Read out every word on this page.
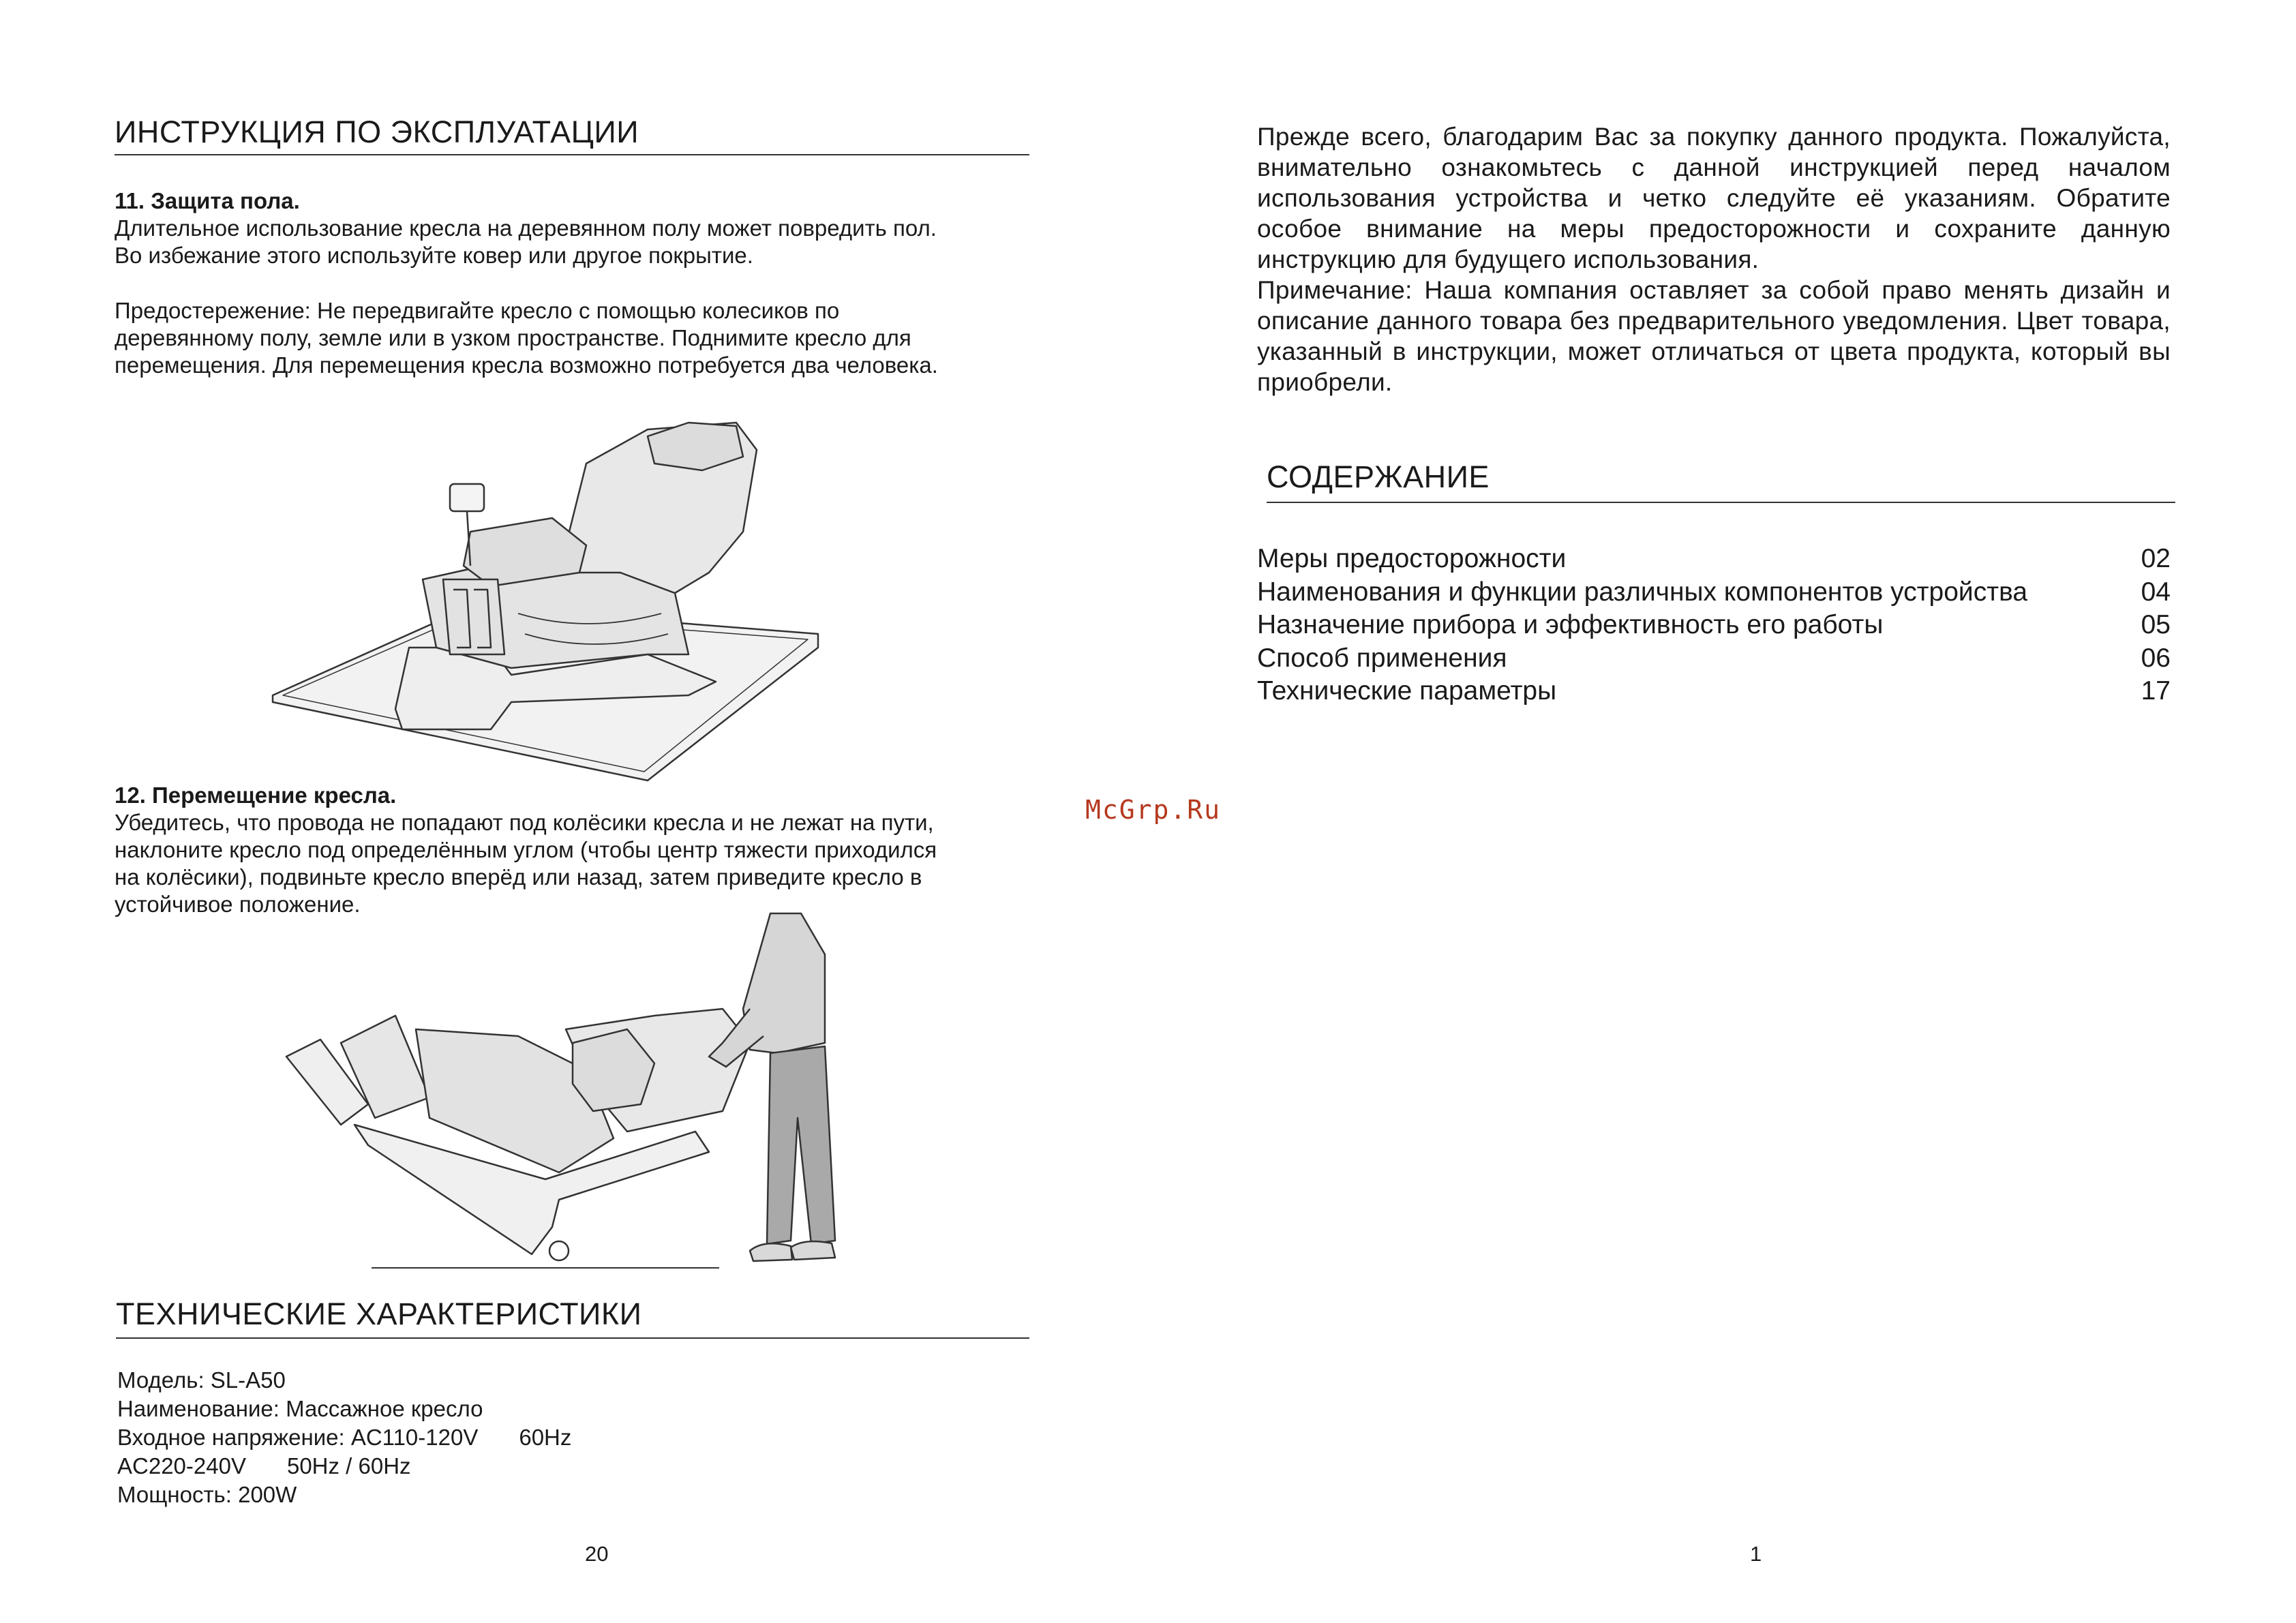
ИНСТРУКЦИЯ ПО ЭКСПЛУАТАЦИИ
11. Защита пола.

Длительное использование кресла на деревянном полу может повредить пол.

Во избежание этого используйте ковер или другое покрытие.

Предостережение: Не передвигайте кресло с помощью колесиков по

деревянному полу, земле или в узком пространстве. Поднимите кресло для

перемещения. Для перемещения кресла возможно потребуется два человека.

12. Перемещение кресла.

Убедитесь, что провода не попадают под колёсики кресла и не лежат на пути,

наклоните кресло под определённым углом (чтобы центр тяжести приходился

на колёсики), подвиньте кресло вперёд или назад, затем приведите кресло в

устойчивое положение.

ТЕХНИЧЕСКИЕ ХАРАКТЕРИСТИКИ

Модель: SL-A50

Наименование: Массажное кресло

Входное напряжение: AC110-120V 60Hz

AC220-240V 50Hz / 60Hz

Мощность: 200W

20
McGrp.Ru

Прежде всего, благодарим Вас за покупку данного продукта. Пожалуйста, внимательно ознакомьтесь с данной инструкцией перед началом использования устройства и четко следуйте её указаниям. Обратите особое внимание на меры предосторожности и сохраните данную инструкцию для будущего использования.

Примечание: Наша компания оставляет за собой право менять дизайн и описание данного товара без предварительного уведомления. Цвет товара, указанный в инструкции, может отличаться от цвета продукта, который вы приобрели.

СОДЕРЖАНИЕ
Меры предосторожности	02
Наименования и функции различных компонентов устройства	04
Назначение прибора и эффективность его работы	05
Способ применения	06
Технические параметры	17
1
